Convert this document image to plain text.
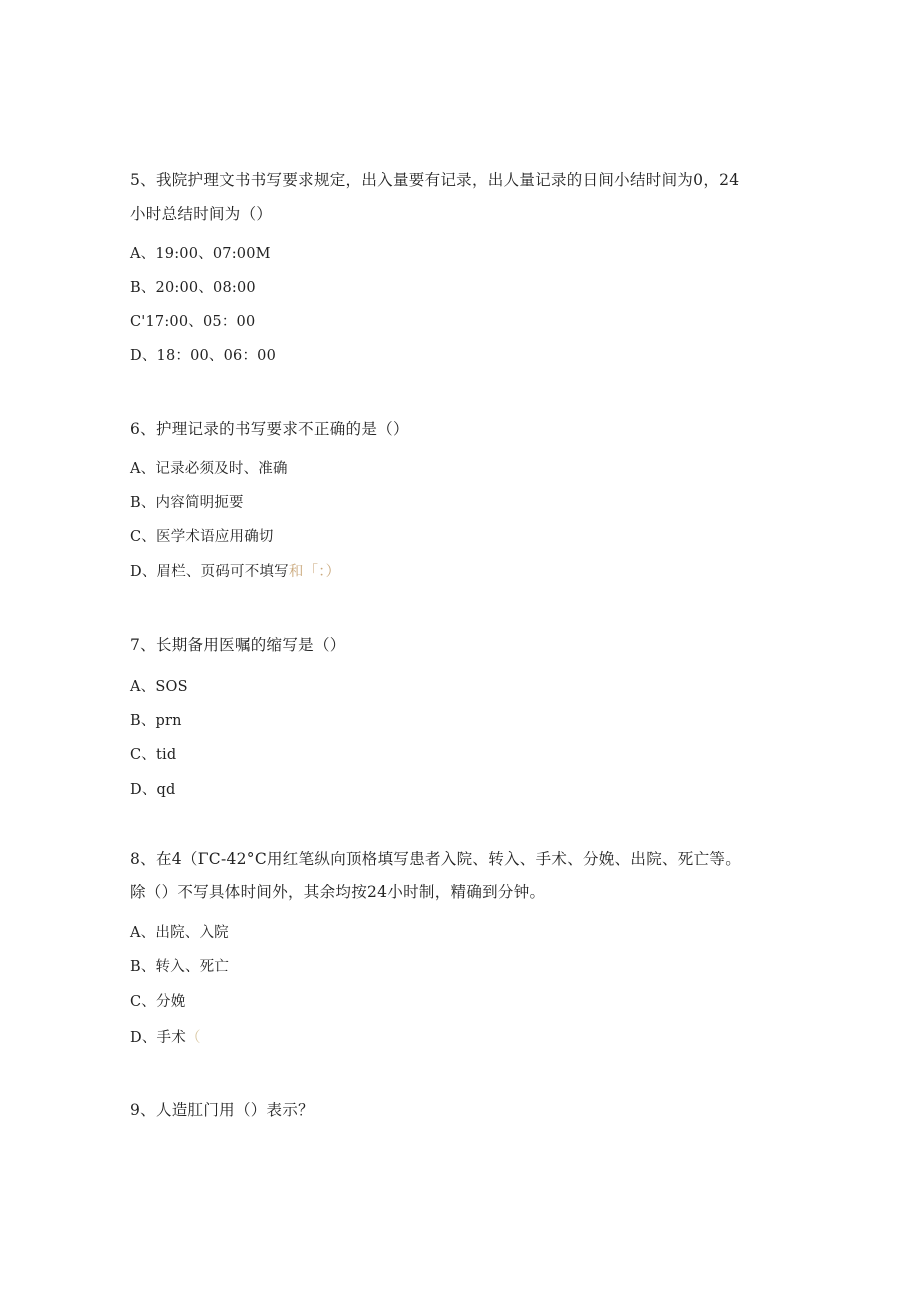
5、我院护理文书书写要求规定，出入量要有记录，出人量记录的日间小结时间为0，24
小时总结时间为（）
A、19:00、07:00M
B、20:00、08:00
C'17:00、05：00
D、18：00、06：00
6、护理记录的书写要求不正确的是（）
A、记录必须及时、准确
B、内容简明扼要
C、医学术语应用确切
D、眉栏、页码可不填写和「：）
7、长期备用医嘱的缩写是（）
A、SOS
B、prn
C、tid
D、qd
8、在4（ΓC-42°C用红笔纵向顶格填写患者入院、转入、手术、分娩、出院、死亡等。
除（）不写具体时间外，其余均按24小时制，精确到分钟。
A、出院、入院
B、转入、死亡
C、分娩
D、手术（
9、人造肛门用（）表示？
